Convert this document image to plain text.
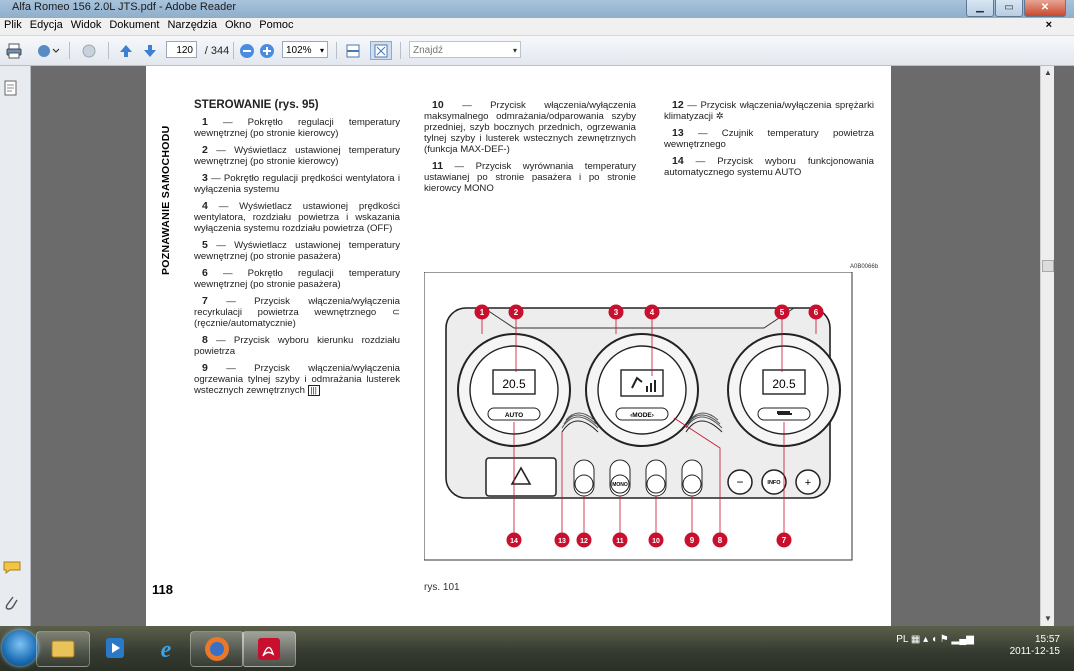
Alfa Romeo 156 2.0L JTS.pdf - Adobe Reader	▁	▭	✕
Plik Edycja Widok Dokument Narzędzia Okno Pomoc	×
120	/ 344	102% ▾	Znajdź	▾
▲
▼
POZNAWANIE SAMOCHODU
STEROWANIE (rys. 95)

1 — Pokrętło regulacji temperatury wewnętrznej (po stronie kierowcy)

2 — Wyświetlacz ustawionej temperatury wewnętrznej (po stronie kierowcy)

3 — Pokrętło regulacji prędkości wentylatora i wyłączenia systemu

4 — Wyświetlacz ustawionej prędkości wentylatora, rozdziału powietrza i wskazania wyłączenia systemu rozdziału powietrza (OFF)

5 — Wyświetlacz ustawionej temperatury wewnętrznej (po stronie pasażera)

6 — Pokrętło regulacji temperatury wewnętrznej (po stronie pasażera)

7 — Przycisk włączenia/wyłączenia recyrkulacji powietrza wewnętrznego ⊂ (ręcznie/automatycznie)

8 — Przycisk wyboru kierunku rozdziału powietrza

9 — Przycisk włączenia/wyłączenia ogrzewania tylnej szyby i odmrażania lusterek wstecznych zewnętrznych |||

10 — Przycisk włączenia/wyłączenia maksymalnego odmrażania/odparowania szyby przedniej, szyb bocznych przednich, ogrzewania tylnej szyby i lusterek wstecznych zewnętrznych (funkcja MAX-DEF-)

11 — Przycisk wyrównania temperatury ustawianej po stronie pasażera i po stronie kierowcy MONO

12 — Przycisk włączenia/wyłączenia sprężarki klimatyzacji ✲

13 — Czujnik temperatury powietrza wewnętrznego

14 — Przycisk wyboru funkcjonowania automatycznego systemu AUTO

A0B0066b
20.5
AUTO	‹MODE›
20.5
MONO	−	INFO +
1	2	3	4	5	6
7
8
9
10
11
12
13
14
118	rys. 101
e	PL ▦ ▴ ◖ ⚑ ▂▄▆	15:57
2011-12-15
